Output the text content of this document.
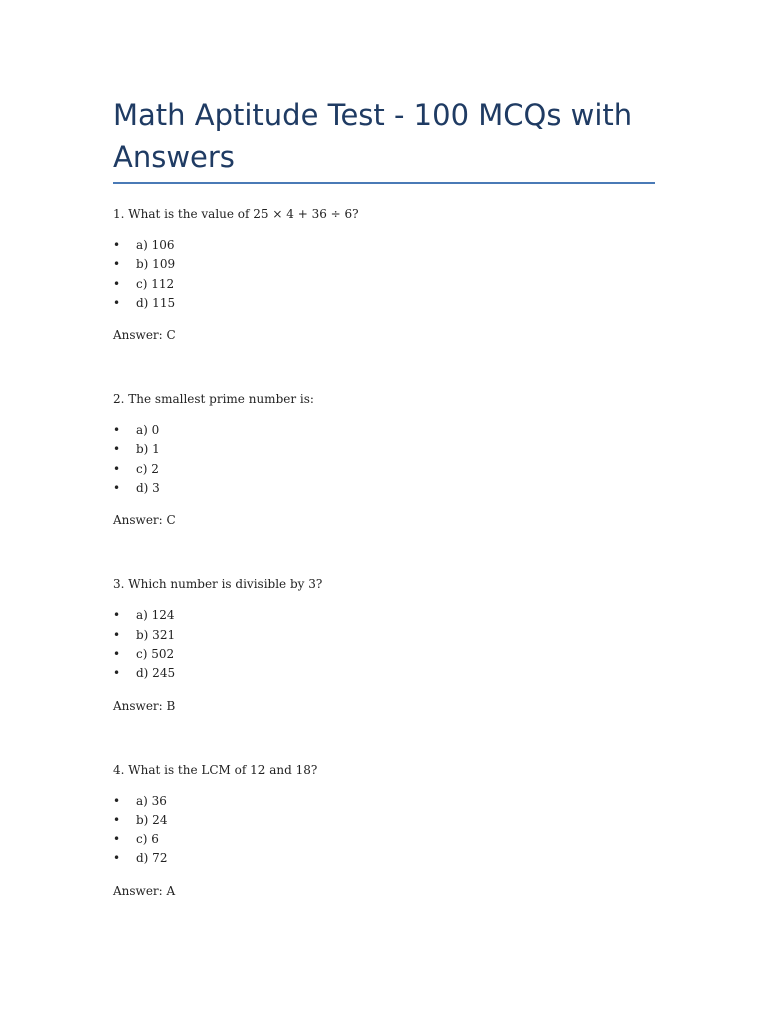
Math Aptitude Test - 100 MCQs with Answers

1. What is the value of 25 × 4 + 36 ÷ 6?

• a) 106
• b) 109
• c) 112
• d) 115

Answer: C

2. The smallest prime number is:

• a) 0
• b) 1
• c) 2
• d) 3

Answer: C

3. Which number is divisible by 3?

• a) 124
• b) 321
• c) 502
• d) 245

Answer: B

4. What is the LCM of 12 and 18?

• a) 36
• b) 24
• c) 6
• d) 72

Answer: A
